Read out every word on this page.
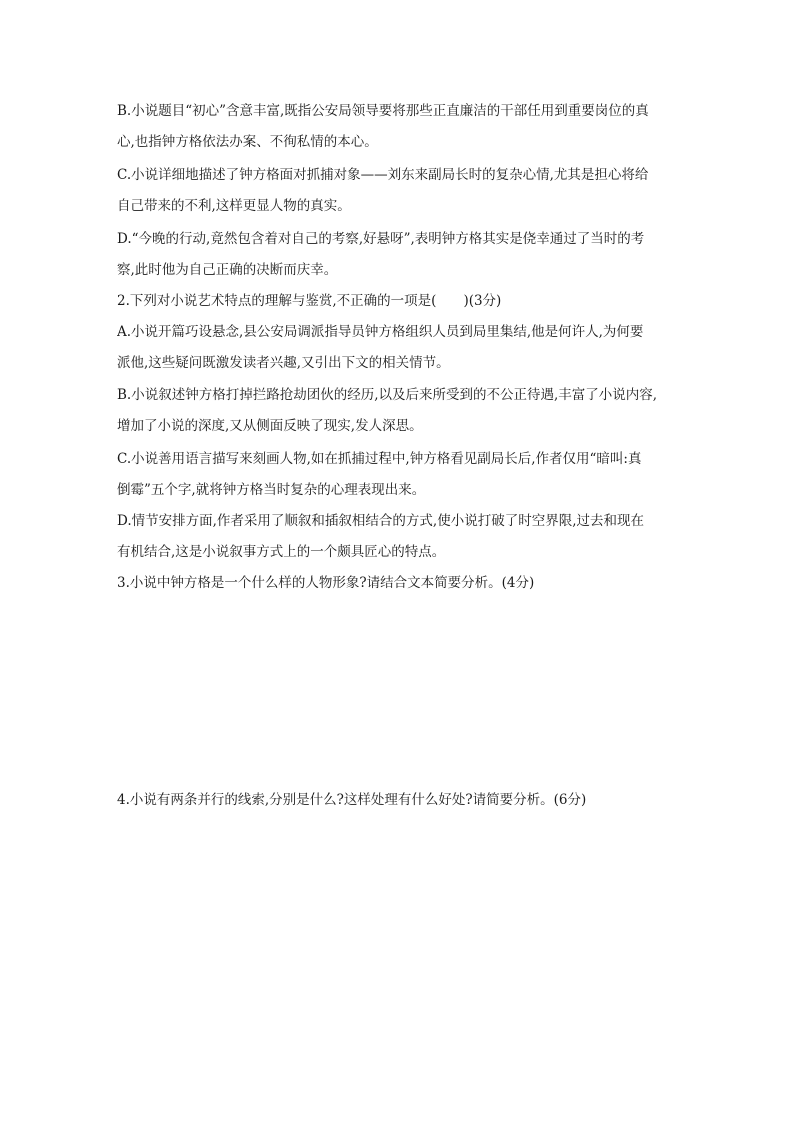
B.小说题目“初心”含意丰富,既指公安局领导要将那些正直廉洁的干部任用到重要岗位的真
心,也指钟方格依法办案、不徇私情的本心。
C.小说详细地描述了钟方格面对抓捕对象——刘东来副局长时的复杂心情,尤其是担心将给
自己带来的不利,这样更显人物的真实。
D.“今晚的行动,竟然包含着对自己的考察,好悬呀”,表明钟方格其实是侥幸通过了当时的考
察,此时他为自己正确的决断而庆幸。
2.下列对小说艺术特点的理解与鉴赏,不正确的一项是(　　)(3分)
A.小说开篇巧设悬念,县公安局调派指导员钟方格组织人员到局里集结,他是何许人,为何要
派他,这些疑问既激发读者兴趣,又引出下文的相关情节。
B.小说叙述钟方格打掉拦路抢劫团伙的经历,以及后来所受到的不公正待遇,丰富了小说内容,
增加了小说的深度,又从侧面反映了现实,发人深思。
C.小说善用语言描写来刻画人物,如在抓捕过程中,钟方格看见副局长后,作者仅用“暗叫:真
倒霉”五个字,就将钟方格当时复杂的心理表现出来。
D.情节安排方面,作者采用了顺叙和插叙相结合的方式,使小说打破了时空界限,过去和现在
有机结合,这是小说叙事方式上的一个颇具匠心的特点。
3.小说中钟方格是一个什么样的人物形象?请结合文本简要分析。(4分)
4.小说有两条并行的线索,分别是什么?这样处理有什么好处?请简要分析。(6分)
